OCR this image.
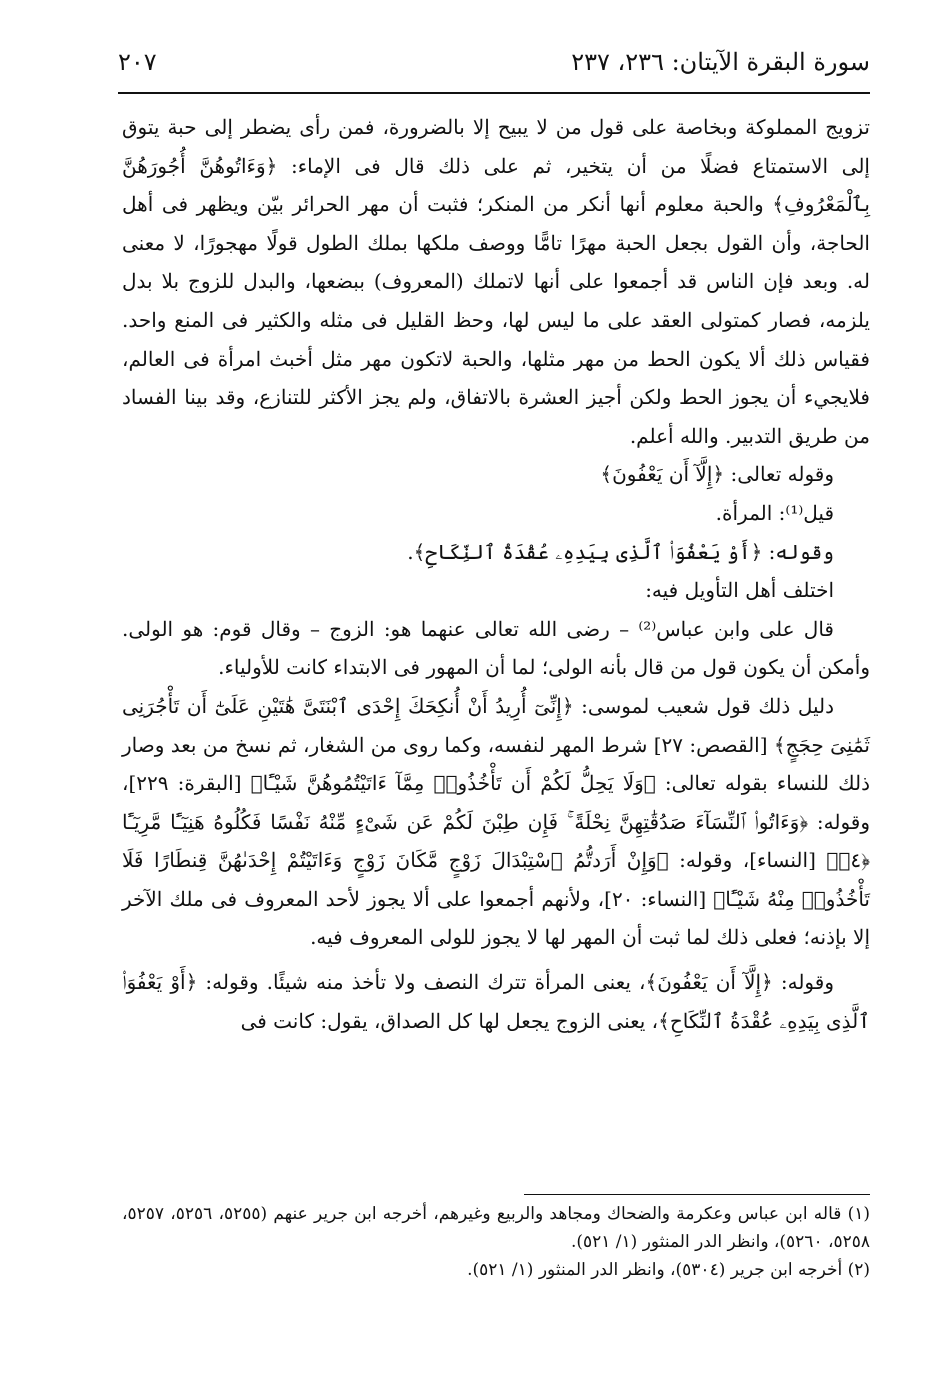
سورة البقرة الآيتان: ٢٣٦، ٢٣٧
٢٠٧

تزويج المملوكة وبخاصة على قول من لا يبيح إلا بالضرورة، فمن رأى يضطر إلى حبة يتوق إلى الاستمتاع فضلًا من أن يتخير، ثم على ذلك قال فى الإماء: ﴿وَءَاتُوهُنَّ أُجُورَهُنَّ بِٱلْمَعْرُوفِ﴾ والحبة معلوم أنها أنكر من المنكر؛ فثبت أن مهر الحرائر بيّن ويظهر فى أهل الحاجة، وأن القول بجعل الحبة مهرًا تامًّا ووصف ملكها بملك الطول قولًا مهجورًا، لا معنى له. وبعد فإن الناس قد أجمعوا على أنها لاتملك (المعروف) ببضعها، والبدل للزوج بلا بدل يلزمه، فصار كمتولى العقد على ما ليس لها، وحظ القليل فى مثله والكثير فى المنع واحد. فقياس ذلك ألا يكون الحط من مهر مثلها، والحبة لاتكون مهر مثل أخبث امرأة فى العالم، فلايجيء أن يجوز الحط ولكن أجيز العشرة بالاتفاق، ولم يجز الأكثر للتنازع، وقد بينا الفساد من طريق التدبير. والله أعلم.

وقوله تعالى: ﴿إِلَّآ أَن يَعْفُونَ﴾

قيل⁽¹⁾: المرأة.

وقوله: ﴿أَوْ يَعْفُوَا۟ ٱلَّذِى بِيَدِهِۦ عُقْدَةُ ٱلنِّكَاحِ﴾.

اختلف أهل التأويل فيه:

قال على وابن عباس⁽²⁾ – رضى الله تعالى عنهما هو: الزوج – وقال قوم: هو الولى. وأمكن أن يكون قول من قال بأنه الولى؛ لما أن المهور فى الابتداء كانت للأولياء.

دليل ذلك قول شعيب لموسى: ﴿إِنِّىٓ أُرِيدُ أَنْ أُنكِحَكَ إِحْدَى ٱبْنَتَىَّ هَٰتَيْنِ عَلَىٰٓ أَن تَأْجُرَنِى ثَمَٰنِىَ حِجَجٍ﴾ [القصص: ٢٧] شرط المهر لنفسه، وكما روى من الشغار، ثم نسخ من بعد وصار ذلك للنساء بقوله تعالى: ﴿وَلَا يَحِلُّ لَكُمْ أَن تَأْخُذُوا۟ مِمَّآ ءَاتَيْتُمُوهُنَّ شَيْـًٔا﴾ [البقرة: ٢٢٩]، وقوله: ﴿وَءَاتُوا۟ ٱلنِّسَآءَ صَدُقَٰتِهِنَّ نِحْلَةً ۚ فَإِن طِبْنَ لَكُمْ عَن شَىْءٍ مِّنْهُ نَفْسًا فَكُلُوهُ هَنِيٓـًٔا مَّرِيٓـًٔا ﴿٤﴾﴾ [النساء]، وقوله: ﴿وَإِنْ أَرَدتُّمُ ٱسْتِبْدَالَ زَوْجٍ مَّكَانَ زَوْجٍ وَءَاتَيْتُمْ إِحْدَىٰهُنَّ قِنطَارًا فَلَا تَأْخُذُوا۟ مِنْهُ شَيْـًٔا﴾ [النساء: ٢٠]، ولأنهم أجمعوا على ألا يجوز لأحد المعروف فى ملك الآخر إلا بإذنه؛ فعلى ذلك لما ثبت أن المهر لها لا يجوز للولى المعروف فيه.

وقوله: ﴿إِلَّآ أَن يَعْفُونَ﴾، يعنى المرأة تترك النصف ولا تأخذ منه شيئًا. وقوله: ﴿أَوْ يَعْفُوَا۟ ٱلَّذِى بِيَدِهِۦ عُقْدَةُ ٱلنِّكَاحِ﴾، يعنى الزوج يجعل لها كل الصداق، يقول: كانت فى

(١) قاله ابن عباس وعكرمة والضحاك ومجاهد والربيع وغيرهم، أخرجه ابن جرير عنهم (٥٢٥٥، ٥٢٥٦، ٥٢٥٧، ٥٢٥٨، ٥٢٦٠)، وانظر الدر المنثور (١/ ٥٢١).

(٢) أخرجه ابن جرير (٥٣٠٤)، وانظر الدر المنثور (١/ ٥٢١).
